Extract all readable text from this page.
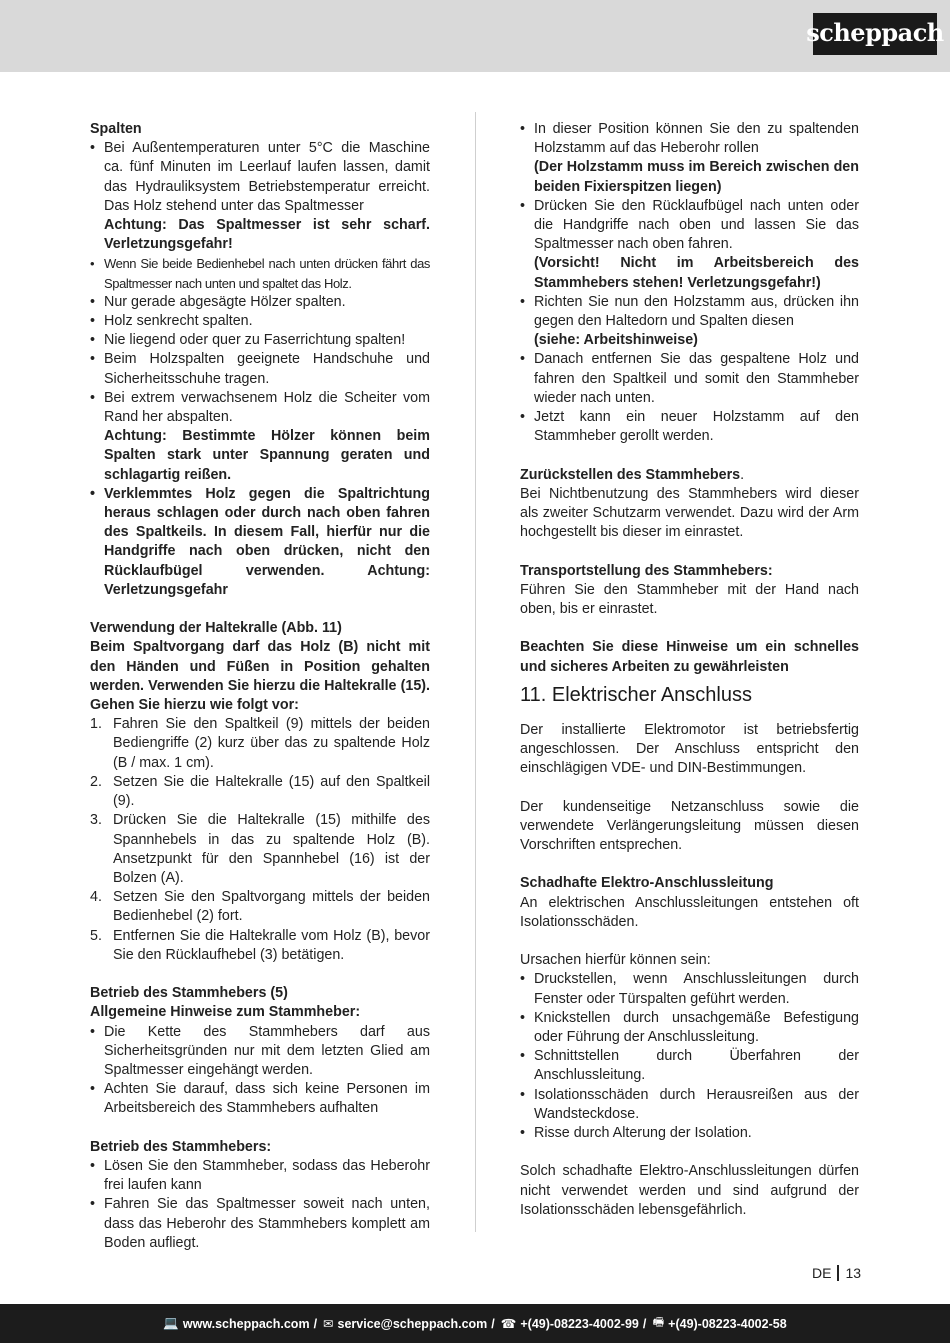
scheppach

Spalten

• Bei Außentemperaturen unter 5°C die Maschine ca. fünf Minuten im Leerlauf laufen lassen, damit das Hydrauliksystem Betriebstemperatur erreicht. Das Holz stehend unter das Spaltmesser
Achtung: Das Spaltmesser ist sehr scharf. Verletzungsgefahr!
• Wenn Sie beide Bedienhebel nach unten drücken fährt das Spaltmesser nach unten und spaltet das Holz.
• Nur gerade abgesägte Hölzer spalten.
• Holz senkrecht spalten.
• Nie liegend oder quer zu Faserrichtung spalten!
• Beim Holzspalten geeignete Handschuhe und Sicherheitsschuhe tragen.
• Bei extrem verwachsenem Holz die Scheiter vom Rand her abspalten.
Achtung: Bestimmte Hölzer können beim Spalten stark unter Spannung geraten und schlagartig reißen.
• Verklemmtes Holz gegen die Spaltrichtung heraus schlagen oder durch nach oben fahren des Spaltkeils. In diesem Fall, hierfür nur die Handgriffe nach oben drücken, nicht den Rücklaufbügel verwenden. Achtung: Verletzungsgefahr

Verwendung der Haltekralle (Abb. 11)

Beim Spaltvorgang darf das Holz (B) nicht mit den Händen und Füßen in Position gehalten werden. Verwenden Sie hierzu die Haltekralle (15). Gehen Sie hierzu wie folgt vor:

1. Fahren Sie den Spaltkeil (9) mittels der beiden Bediengriffe (2) kurz über das zu spaltende Holz (B / max. 1 cm).
2. Setzen Sie die Haltekralle (15) auf den Spaltkeil (9).
3. Drücken Sie die Haltekralle (15) mithilfe des Spannhebels in das zu spaltende Holz (B). Ansetzpunkt für den Spannhebel (16) ist der Bolzen (A).
4. Setzen Sie den Spaltvorgang mittels der beiden Bedienhebel (2) fort.
5. Entfernen Sie die Haltekralle vom Holz (B), bevor Sie den Rücklaufhebel (3) betätigen.

Betrieb des Stammhebers (5)

Allgemeine Hinweise zum Stammheber:

• Die Kette des Stammhebers darf aus Sicherheitsgründen nur mit dem letzten Glied am Spaltmesser eingehängt werden.
• Achten Sie darauf, dass sich keine Personen im Arbeitsbereich des Stammhebers aufhalten

Betrieb des Stammhebers:

• Lösen Sie den Stammheber, sodass das Heberohr frei laufen kann
• Fahren Sie das Spaltmesser soweit nach unten, dass das Heberohr des Stammhebers komplett am Boden aufliegt.
• In dieser Position können Sie den zu spaltenden Holzstamm auf das Heberohr rollen
(Der Holzstamm muss im Bereich zwischen den beiden Fixierspitzen liegen)
• Drücken Sie den Rücklaufbügel nach unten oder die Handgriffe nach oben und lassen Sie das Spaltmesser nach oben fahren.
(Vorsicht! Nicht im Arbeitsbereich des Stammhebers stehen! Verletzungsgefahr!)
• Richten Sie nun den Holzstamm aus, drücken ihn gegen den Haltedorn und Spalten diesen
(siehe: Arbeitshinweise)
• Danach entfernen Sie das gespaltene Holz und fahren den Spaltkeil und somit den Stammheber wieder nach unten.
• Jetzt kann ein neuer Holzstamm auf den Stammheber gerollt werden.

Zurückstellen des Stammhebers.

Bei Nichtbenutzung des Stammhebers wird dieser als zweiter Schutzarm verwendet. Dazu wird der Arm hochgestellt bis dieser im einrastet.

Transportstellung des Stammhebers:

Führen Sie den Stammheber mit der Hand nach oben, bis er einrastet.

Beachten Sie diese Hinweise um ein schnelles und sicheres Arbeiten zu gewährleisten

11. Elektrischer Anschluss

Der installierte Elektromotor ist betriebsfertig angeschlossen. Der Anschluss entspricht den einschlägigen VDE- und DIN-Bestimmungen.

Der kundenseitige Netzanschluss sowie die verwendete Verlängerungsleitung müssen diesen Vorschriften entsprechen.

Schadhafte Elektro-Anschlussleitung

An elektrischen Anschlussleitungen entstehen oft Isolationsschäden.

Ursachen hierfür können sein:

• Druckstellen, wenn Anschlussleitungen durch Fenster oder Türspalten geführt werden.
• Knickstellen durch unsachgemäße Befestigung oder Führung der Anschlussleitung.
• Schnittstellen durch Überfahren der Anschlussleitung.
• Isolationsschäden durch Herausreißen aus der Wandsteckdose.
• Risse durch Alterung der Isolation.

Solch schadhafte Elektro-Anschlussleitungen dürfen nicht verwendet werden und sind aufgrund der Isolationsschäden lebensgefährlich.

DE 13
💻 www.scheppach.com / ✉ service@scheppach.com / ☎ +(49)-08223-4002-99 / 🖷 +(49)-08223-4002-58
